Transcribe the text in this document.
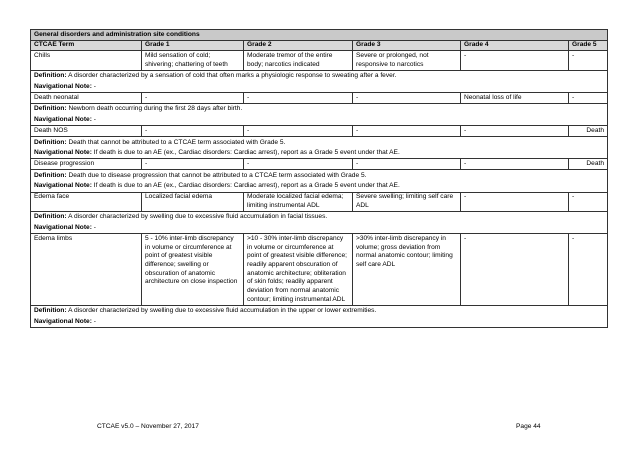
General disorders and administration site conditions					
CTCAE Term	Grade 1	Grade 2	Grade 3	Grade 4	Grade 5
Chills	Mild sensation of cold; shivering; chattering of teeth	Moderate tremor of the entire body; narcotics indicated	Severe or prolonged, not responsive to narcotics	-	-
Definition: A disorder characterized by a sensation of cold that often marks a physiologic response to sweating after a fever.					
Navigational Note: -					
Death neonatal	-	-	-	Neonatal loss of life	-
Definition: Newborn death occurring during the first 28 days after birth.					
Navigational Note: -					
Death NOS	-	-	-	-	Death
Definition: Death that cannot be attributed to a CTCAE term associated with Grade 5.					
Navigational Note: If death is due to an AE (ex., Cardiac disorders: Cardiac arrest), report as a Grade 5 event under that AE.					
Disease progression	-	-	-	-	Death
Definition: Death due to disease progression that cannot be attributed to a CTCAE term associated with Grade 5.					
Navigational Note: If death is due to an AE (ex., Cardiac disorders: Cardiac arrest), report as a Grade 5 event under that AE.					
Edema face	Localized facial edema	Moderate localized facial edema; limiting instrumental ADL	Severe swelling; limiting self care ADL	-	-
Definition: A disorder characterized by swelling due to excessive fluid accumulation in facial tissues.					
Navigational Note: -					
Edema limbs	5 - 10% inter-limb discrepancy in volume or circumference at point of greatest visible difference; swelling or obscuration of anatomic architecture on close inspection	>10 - 30% inter-limb discrepancy in volume or circumference at point of greatest visible difference; readily apparent obscuration of anatomic architecture; obliteration of skin folds; readily apparent deviation from normal anatomic contour; limiting instrumental ADL	>30% inter-limb discrepancy in volume; gross deviation from normal anatomic contour; limiting self care ADL	-	-
Definition: A disorder characterized by swelling due to excessive fluid accumulation in the upper or lower extremities.					
Navigational Note: -					
CTCAE v5.0 – November 27, 2017	Page 44
